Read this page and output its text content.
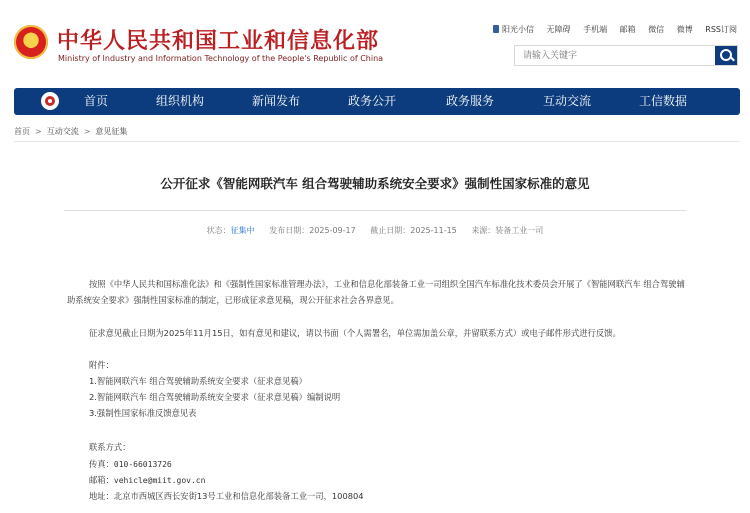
中华人民共和国工业和信息化部
Ministry of Industry and Information Technology of the People's Republic of China
阳光小信 无障碍 手机端 邮箱 微信 微博 RSS订阅
请输入关键字
首页	组织机构	新闻发布	政务公开	政务服务	互动交流	工信数据
首页 > 互动交流 > 意见征集
公开征求《智能网联汽车 组合驾驶辅助系统安全要求》强制性国家标准的意见
状态：征集中 发布日期：2025-09-17 截止日期：2025-11-15 来源：装备工业一司
按照《中华人民共和国标准化法》和《强制性国家标准管理办法》，工业和信息化部装备工业一司组织全国汽车标准化技术委员会开展了《智能网联汽车 组合驾驶辅助系统安全要求》强制性国家标准的制定，已形成征求意见稿，现公开征求社会各界意见。
征求意见截止日期为2025年11月15日，如有意见和建议，请以书面（个人需署名，单位需加盖公章，并留联系方式）或电子邮件形式进行反馈。
附件：
1.智能网联汽车 组合驾驶辅助系统安全要求（征求意见稿）
2.智能网联汽车 组合驾驶辅助系统安全要求（征求意见稿）编制说明
3.强制性国家标准反馈意见表
联系方式：
传真：010-66013726
邮箱：vehicle@miit.gov.cn
地址：北京市西城区西长安街13号工业和信息化部装备工业一司，100804
